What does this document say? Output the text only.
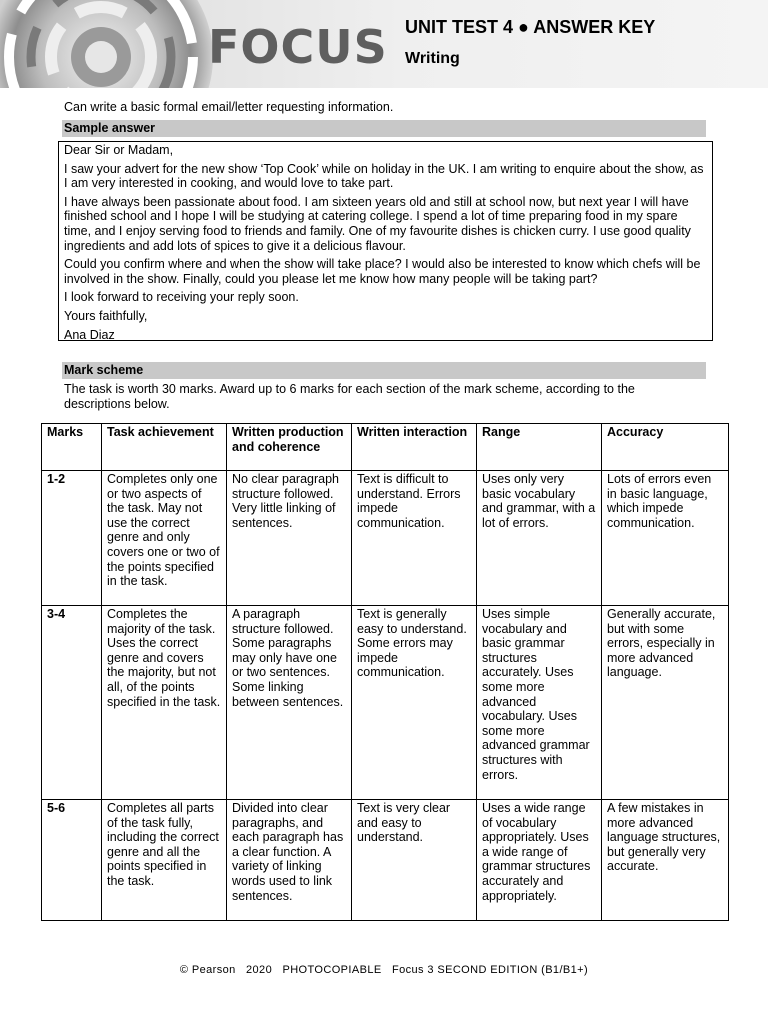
FOCUS UNIT TEST 4 ● ANSWER KEY
Writing
Can write a basic formal email/letter requesting information.
Sample answer

Dear Sir or Madam,

I saw your advert for the new show ‘Top Cook’ while on holiday in the UK. I am writing to enquire about the show, as I am very interested in cooking, and would love to take part.

I have always been passionate about food. I am sixteen years old and still at school now, but next year I will have finished school and I hope I will be studying at catering college. I spend a lot of time preparing food in my spare time, and I enjoy serving food to friends and family. One of my favourite dishes is chicken curry. I use good quality ingredients and add lots of spices to give it a delicious flavour.

Could you confirm where and when the show will take place? I would also be interested to know which chefs will be involved in the show. Finally, could you please let me know how many people will be taking part?

I look forward to receiving your reply soon.

Yours faithfully,

Ana Diaz

Mark scheme
The task is worth 30 marks. Award up to 6 marks for each section of the mark scheme, according to the descriptions below.
Marks	Task achievement	Written production and coherence	Written interaction	Range	Accuracy
1-2	Completes only one or two aspects of the task. May not use the correct genre and only covers one or two of the points specified in the task.	No clear paragraph structure followed. Very little linking of sentences.	Text is difficult to understand. Errors impede communication.	Uses only very basic vocabulary and grammar, with a lot of errors.	Lots of errors even in basic language, which impede communication.
3-4	Completes the majority of the task. Uses the correct genre and covers the majority, but not all, of the points specified in the task.	A paragraph structure followed. Some paragraphs may only have one or two sentences. Some linking between sentences.	Text is generally easy to understand. Some errors may impede communication.	Uses simple vocabulary and basic grammar structures accurately. Uses some more advanced vocabulary. Uses some more advanced grammar structures with errors.	Generally accurate, but with some errors, especially in more advanced language.
5-6	Completes all parts of the task fully, including the correct genre and all the points specified in the task.	Divided into clear paragraphs, and each paragraph has a clear function. A variety of linking words used to link sentences.	Text is very clear and easy to understand.	Uses a wide range of vocabulary appropriately. Uses a wide range of grammar structures accurately and appropriately.	A few mistakes in more advanced language structures, but generally very accurate.
© Pearson   2020   PHOTOCOPIABLE   Focus 3 SECOND EDITION (B1/B1+)
